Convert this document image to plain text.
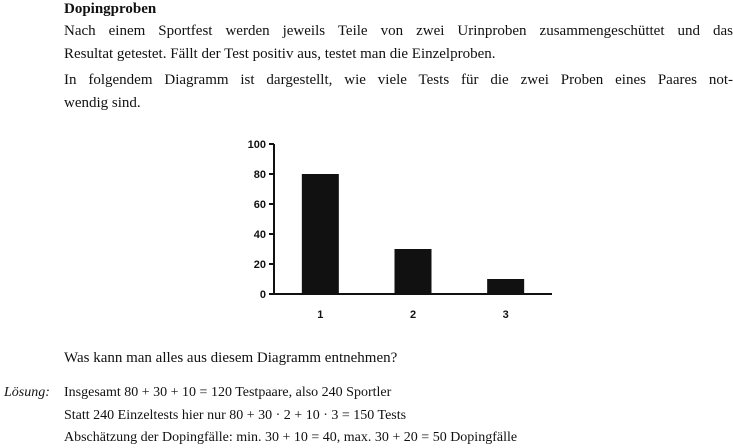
Dopingproben
Nach einem Sportfest werden jeweils Teile von zwei Urinproben zusammengeschüttet und das
Resultat getestet. Fällt der Test positiv aus, testet man die Einzelproben.
In folgendem Diagramm ist dargestellt, wie viele Tests für die zwei Proben eines Paares not-
wendig sind.
0
20
40
60
80
100
1	2	3
Was kann man alles aus diesem Diagramm entnehmen?
Lösung: Insgesamt 80 + 30 + 10 = 120 Testpaare, also 240 Sportler
Statt 240 Einzeltests hier nur 80 + 30 · 2 + 10 · 3 = 150 Tests
Abschätzung der Dopingfälle: min. 30 + 10 = 40, max. 30 + 20 = 50 Dopingfälle
